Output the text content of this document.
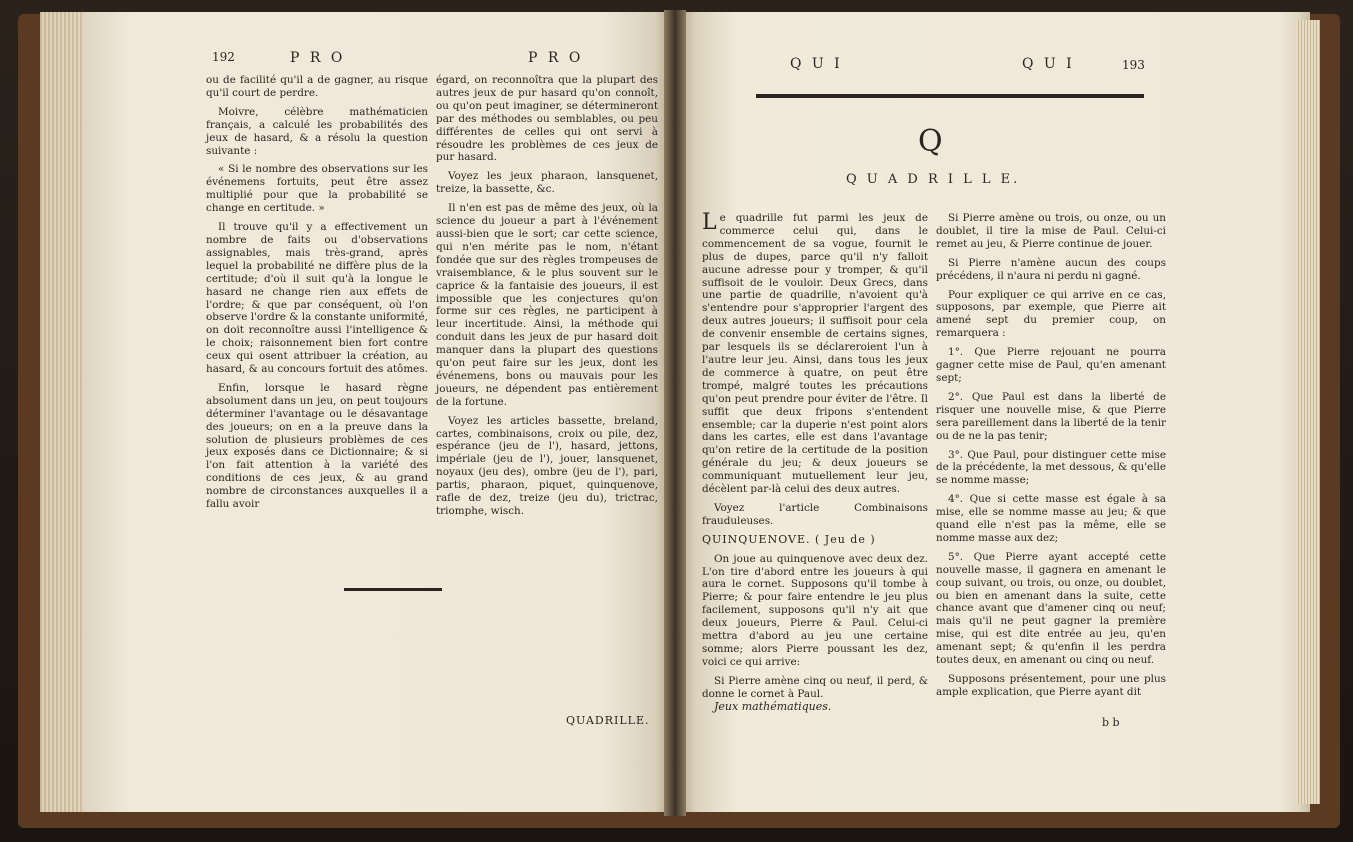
192	P R O	P R O

ou de facilité qu'il a de gagner, au risque qu'il court de perdre.

Moivre, célèbre mathématicien français, a calculé les probabilités des jeux de hasard, & a résolu la question suivante :

« Si le nombre des observations sur les événemens fortuits, peut être assez multiplié pour que la probabilité se change en certitude. »

Il trouve qu'il y a effectivement un nombre de faits ou d'observations assignables, mais très-grand, après lequel la probabilité ne diffère plus de la certitude; d'où il suit qu'à la longue le hasard ne change rien aux effets de l'ordre; & que par conséquent, où l'on observe l'ordre & la constante uniformité, on doit reconnoître aussi l'intelligence & le choix; raisonnement bien fort contre ceux qui osent attribuer la création, au hasard, & au concours fortuit des atômes.

Enfin, lorsque le hasard règne absolument dans un jeu, on peut toujours déterminer l'avantage ou le désavantage des joueurs; on en a la preuve dans la solution de plusieurs problèmes de ces jeux exposés dans ce Dictionnaire; & si l'on fait attention à la variété des conditions de ces jeux, & au grand nombre de circonstances auxquelles il a fallu avoir

égard, on reconnoîtra que la plupart des autres jeux de pur hasard qu'on connoît, ou qu'on peut imaginer, se détermineront par des méthodes ou semblables, ou peu différentes de celles qui ont servi à résoudre les problèmes de ces jeux de pur hasard.

Voyez les jeux pharaon, lansquenet, treize, la bassette, &c.

Il n'en est pas de même des jeux, où la science du joueur a part à l'événement aussi-bien que le sort; car cette science, qui n'en mérite pas le nom, n'étant fondée que sur des règles trompeuses de vraisemblance, & le plus souvent sur le caprice & la fantaisie des joueurs, il est impossible que les conjectures qu'on forme sur ces règles, ne participent à leur incertitude. Ainsi, la méthode qui conduit dans les jeux de pur hasard doit manquer dans la plupart des questions qu'on peut faire sur les jeux, dont les événemens, bons ou mauvais pour les joueurs, ne dépendent pas entièrement de la fortune.

Voyez les articles bassette, breland, cartes, combinaisons, croix ou pile, dez, espérance (jeu de l'), hasard, jettons, impériale (jeu de l'), jouer, lansquenet, noyaux (jeu des), ombre (jeu de l'), pari, partis, pharaon, piquet, quinquenove, rafle de dez, treize (jeu du), trictrac, triomphe, wisch.

QUADRILLE.
Q U I	Q U I	193
Q
Q U A D R I L L E.

Le quadrille fut parmi les jeux de commerce celui qui, dans le commencement de sa vogue, fournit le plus de dupes, parce qu'il n'y falloit aucune adresse pour y tromper, & qu'il suffisoit de le vouloir. Deux Grecs, dans une partie de quadrille, n'avoient qu'à s'entendre pour s'approprier l'argent des deux autres joueurs; il suffisoit pour cela de convenir ensemble de certains signes, par lesquels ils se déclareroient l'un à l'autre leur jeu. Ainsi, dans tous les jeux de commerce à quatre, on peut être trompé, malgré toutes les précautions qu'on peut prendre pour éviter de l'être. Il suffit que deux fripons s'entendent ensemble; car la duperie n'est point alors dans les cartes, elle est dans l'avantage qu'on retire de la certitude de la position générale du jeu; & deux joueurs se communiquant mutuellement leur jeu, décèlent par-là celui des deux autres.

Voyez l'article Combinaisons frauduleuses.

QUINQUENOVE. ( Jeu de )

On joue au quinquenove avec deux dez. L'on tire d'abord entre les joueurs à qui aura le cornet. Supposons qu'il tombe à Pierre; & pour faire entendre le jeu plus facilement, supposons qu'il n'y ait que deux joueurs, Pierre & Paul. Celui-ci mettra d'abord au jeu une certaine somme; alors Pierre poussant les dez, voici ce qui arrive:

Si Pierre amène cinq ou neuf, il perd, & donne le cornet à Paul.

Jeux mathématiques.

Si Pierre amène ou trois, ou onze, ou un doublet, il tire la mise de Paul. Celui-ci remet au jeu, & Pierre continue de jouer.

Si Pierre n'amène aucun des coups précédens, il n'aura ni perdu ni gagné.

Pour expliquer ce qui arrive en ce cas, supposons, par exemple, que Pierre ait amené sept du premier coup, on remarquera :

1°. Que Pierre rejouant ne pourra gagner cette mise de Paul, qu'en amenant sept;

2°. Que Paul est dans la liberté de risquer une nouvelle mise, & que Pierre sera pareillement dans la liberté de la tenir ou de ne la pas tenir;

3°. Que Paul, pour distinguer cette mise de la précédente, la met dessous, & qu'elle se nomme masse;

4°. Que si cette masse est égale à sa mise, elle se nomme masse au jeu; & que quand elle n'est pas la même, elle se nomme masse aux dez;

5°. Que Pierre ayant accepté cette nouvelle masse, il gagnera en amenant le coup suivant, ou trois, ou onze, ou doublet, ou bien en amenant dans la suite, cette chance avant que d'amener cinq ou neuf; mais qu'il ne peut gagner la première mise, qui est dite entrée au jeu, qu'en amenant sept; & qu'enfin il les perdra toutes deux, en amenant ou cinq ou neuf.

Supposons présentement, pour une plus ample explication, que Pierre ayant dit

b b
